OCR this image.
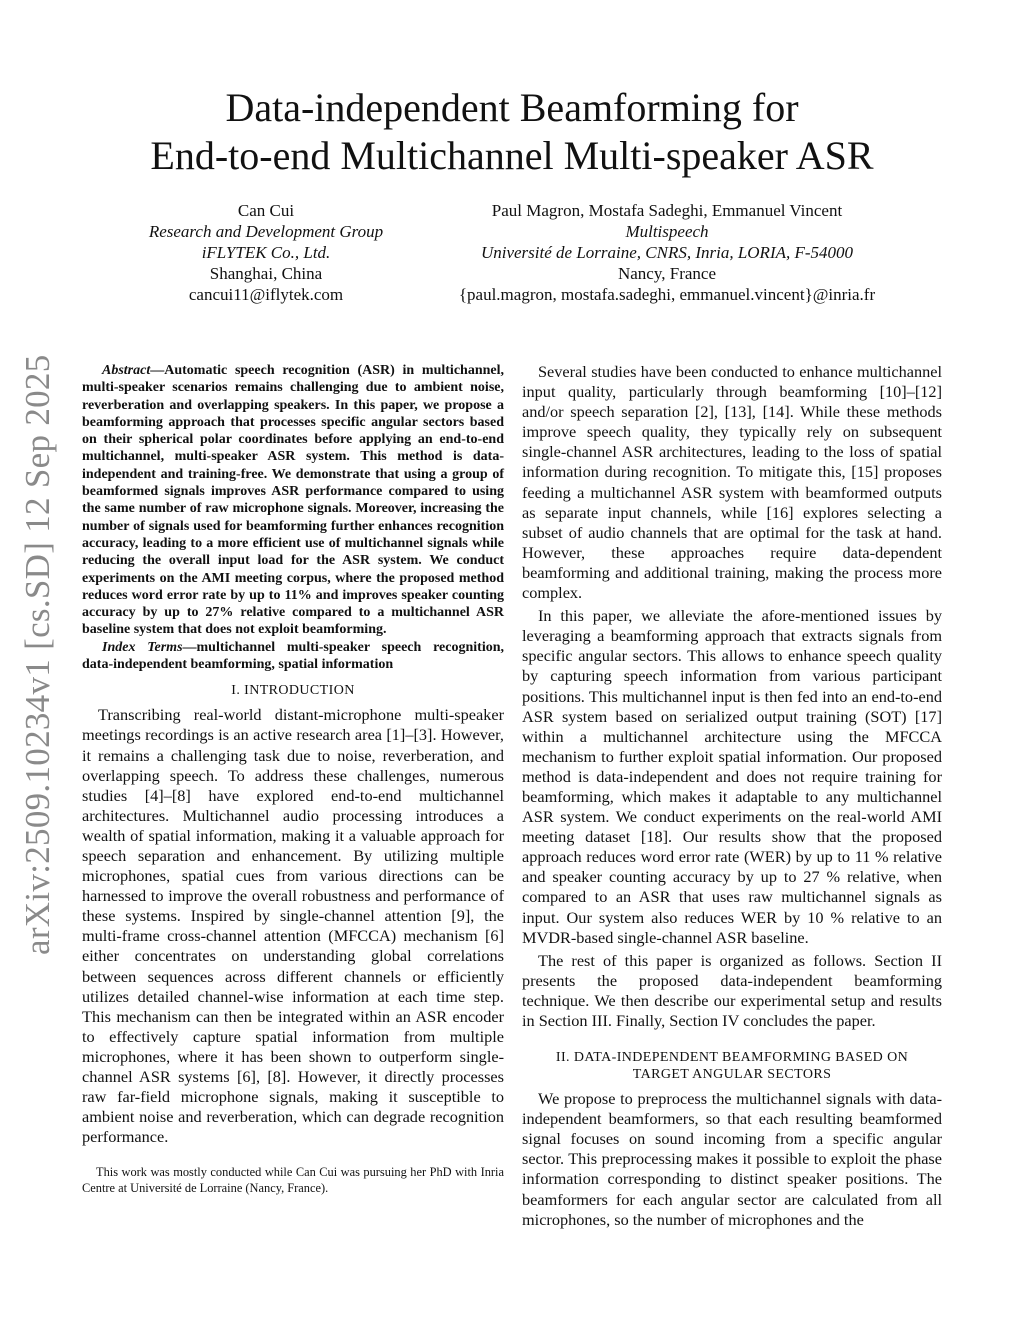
arXiv:2509.10234v1 [cs.SD] 12 Sep 2025
Data-independent Beamforming for
End-to-end Multichannel Multi-speaker ASR
Can Cui
Research and Development Group
iFLYTEK Co., Ltd.
Shanghai, China
cancui11@iflytek.com
Paul Magron, Mostafa Sadeghi, Emmanuel Vincent
Multispeech
Université de Lorraine, CNRS, Inria, LORIA, F-54000
Nancy, France
{paul.magron, mostafa.sadeghi, emmanuel.vincent}@inria.fr

Abstract—Automatic speech recognition (ASR) in multichannel, multi-speaker scenarios remains challenging due to ambient noise, reverberation and overlapping speakers. In this paper, we propose a beamforming approach that processes specific angular sectors based on their spherical polar coordinates before applying an end-to-end multichannel, multi-speaker ASR system. This method is data-independent and training-free. We demonstrate that using a group of beamformed signals improves ASR performance compared to using the same number of raw microphone signals. Moreover, increasing the number of signals used for beamforming further enhances recognition accuracy, leading to a more efficient use of multichannel signals while reducing the overall input load for the ASR system. We conduct experiments on the AMI meeting corpus, where the proposed method reduces word error rate by up to 11% and improves speaker counting accuracy by up to 27% relative compared to a multichannel ASR baseline system that does not exploit beamforming.

Index Terms—multichannel multi-speaker speech recognition, data-independent beamforming, spatial information

I. INTRODUCTION

Transcribing real-world distant-microphone multi-speaker meetings recordings is an active research area [1]–[3]. However, it remains a challenging task due to noise, reverberation, and overlapping speech. To address these challenges, numerous studies [4]–[8] have explored end-to-end multichannel architectures. Multichannel audio processing introduces a wealth of spatial information, making it a valuable approach for speech separation and enhancement. By utilizing multiple microphones, spatial cues from various directions can be harnessed to improve the overall robustness and performance of these systems. Inspired by single-channel attention [9], the multi-frame cross-channel attention (MFCCA) mechanism [6] either concentrates on understanding global correlations between sequences across different channels or efficiently utilizes detailed channel-wise information at each time step. This mechanism can then be integrated within an ASR encoder to effectively capture spatial information from multiple microphones, where it has been shown to outperform single-channel ASR systems [6], [8]. However, it directly processes raw far-field microphone signals, making it susceptible to ambient noise and reverberation, which can degrade recognition performance.

This work was mostly conducted while Can Cui was pursuing her PhD with Inria Centre at Université de Lorraine (Nancy, France).

Several studies have been conducted to enhance multichannel input quality, particularly through beamforming [10]–[12] and/or speech separation [2], [13], [14]. While these methods improve speech quality, they typically rely on subsequent single-channel ASR architectures, leading to the loss of spatial information during recognition. To mitigate this, [15] proposes feeding a multichannel ASR system with beamformed outputs as separate input channels, while [16] explores selecting a subset of audio channels that are optimal for the task at hand. However, these approaches require data-dependent beamforming and additional training, making the process more complex.

In this paper, we alleviate the afore-mentioned issues by leveraging a beamforming approach that extracts signals from specific angular sectors. This allows to enhance speech quality by capturing speech information from various participant positions. This multichannel input is then fed into an end-to-end ASR system based on serialized output training (SOT) [17] within a multichannel architecture using the MFCCA mechanism to further exploit spatial information. Our proposed method is data-independent and does not require training for beamforming, which makes it adaptable to any multichannel ASR system. We conduct experiments on the real-world AMI meeting dataset [18]. Our results show that the proposed approach reduces word error rate (WER) by up to 11 % relative and speaker counting accuracy by up to 27 % relative, when compared to an ASR that uses raw multichannel signals as input. Our system also reduces WER by 10 % relative to an MVDR-based single-channel ASR baseline.

The rest of this paper is organized as follows. Section II presents the proposed data-independent beamforming technique. We then describe our experimental setup and results in Section III. Finally, Section IV concludes the paper.

II. DATA-INDEPENDENT BEAMFORMING BASED ON
TARGET ANGULAR SECTORS

We propose to preprocess the multichannel signals with data-independent beamformers, so that each resulting beamformed signal focuses on sound incoming from a specific angular sector. This preprocessing makes it possible to exploit the phase information corresponding to distinct speaker positions. The beamformers for each angular sector are calculated from all microphones, so the number of microphones and the
